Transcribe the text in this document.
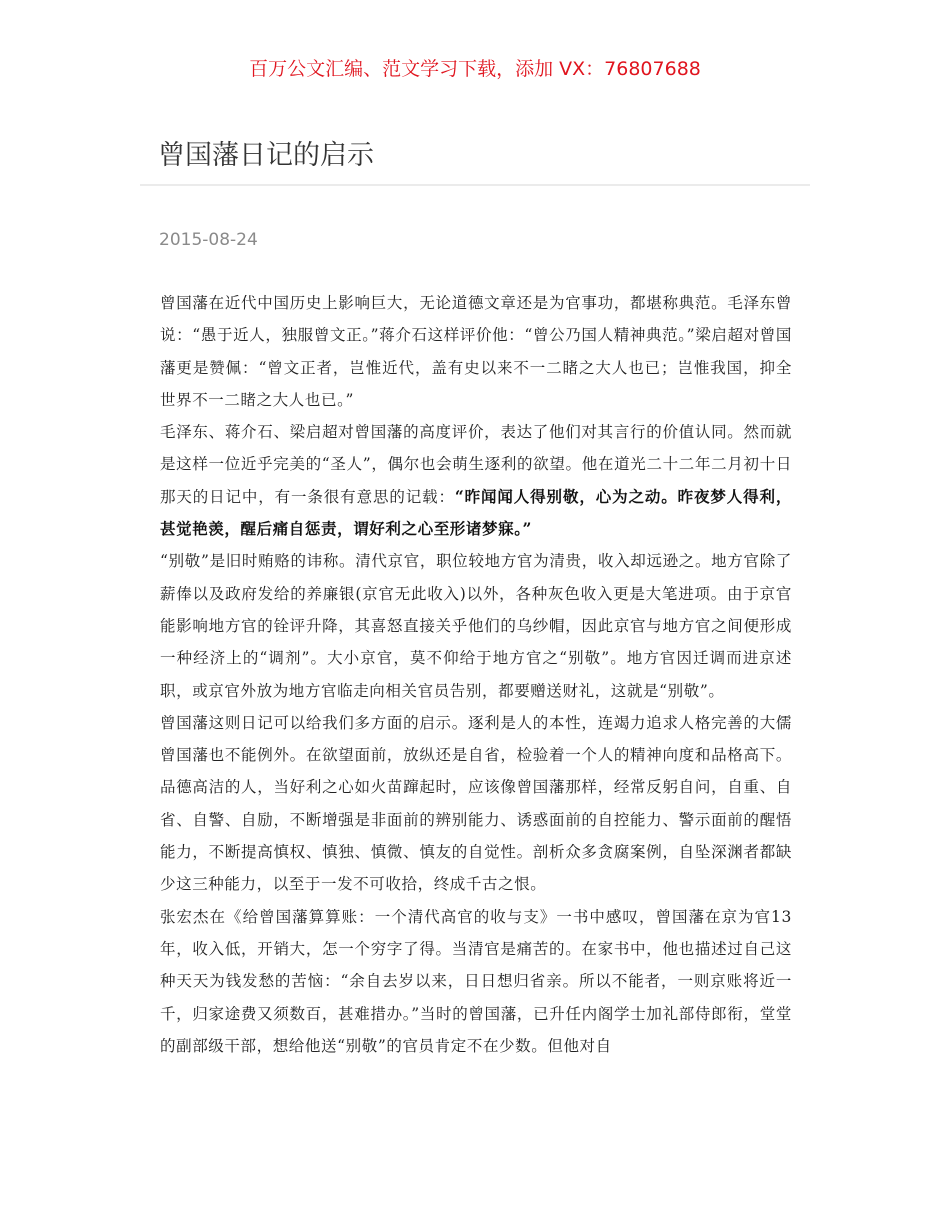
百万公文汇编、范文学习下载，添加 VX：76807688
曾国藩日记的启示
2015-08-24

曾国藩在近代中国历史上影响巨大，无论道德文章还是为官事功，都堪称典范。毛泽东曾说：“愚于近人，独服曾文正。”蒋介石这样评价他：“曾公乃国人精神典范。”梁启超对曾国藩更是赞佩：“曾文正者，岂惟近代，盖有史以来不一二睹之大人也已；岂惟我国，抑全世界不一二睹之大人也已。”

毛泽东、蒋介石、梁启超对曾国藩的高度评价，表达了他们对其言行的价值认同。然而就是这样一位近乎完美的“圣人”，偶尔也会萌生逐利的欲望。他在道光二十二年二月初十日那天的日记中，有一条很有意思的记载：“昨闻闻人得别敬，心为之动。昨夜梦人得利，甚觉艳羡，醒后痛自惩责，谓好利之心至形诸梦寐。”

“别敬”是旧时贿赂的讳称。清代京官，职位较地方官为清贵，收入却远逊之。地方官除了薪俸以及政府发给的养廉银(京官无此收入)以外，各种灰色收入更是大笔进项。由于京官能影响地方官的铨评升降，其喜怒直接关乎他们的乌纱帽，因此京官与地方官之间便形成一种经济上的“调剂”。大小京官，莫不仰给于地方官之“别敬”。地方官因迁调而进京述职，或京官外放为地方官临走向相关官员告别，都要赠送财礼，这就是“别敬”。

曾国藩这则日记可以给我们多方面的启示。逐利是人的本性，连竭力追求人格完善的大儒曾国藩也不能例外。在欲望面前，放纵还是自省，检验着一个人的精神向度和品格高下。品德高洁的人，当好利之心如火苗蹿起时，应该像曾国藩那样，经常反躬自问，自重、自省、自警、自励，不断增强是非面前的辨别能力、诱惑面前的自控能力、警示面前的醒悟能力，不断提高慎权、慎独、慎微、慎友的自觉性。剖析众多贪腐案例，自坠深渊者都缺少这三种能力，以至于一发不可收拾，终成千古之恨。

张宏杰在《给曾国藩算算账：一个清代高官的收与支》一书中感叹，曾国藩在京为官13年，收入低，开销大，怎一个穷字了得。当清官是痛苦的。在家书中，他也描述过自己这种天天为钱发愁的苦恼：“余自去岁以来，日日想归省亲。所以不能者，一则京账将近一千，归家途费又须数百，甚难措办。”当时的曾国藩，已升任内阁学士加礼部侍郎衔，堂堂的副部级干部，想给他送“别敬”的官员肯定不在少数。但他对自
